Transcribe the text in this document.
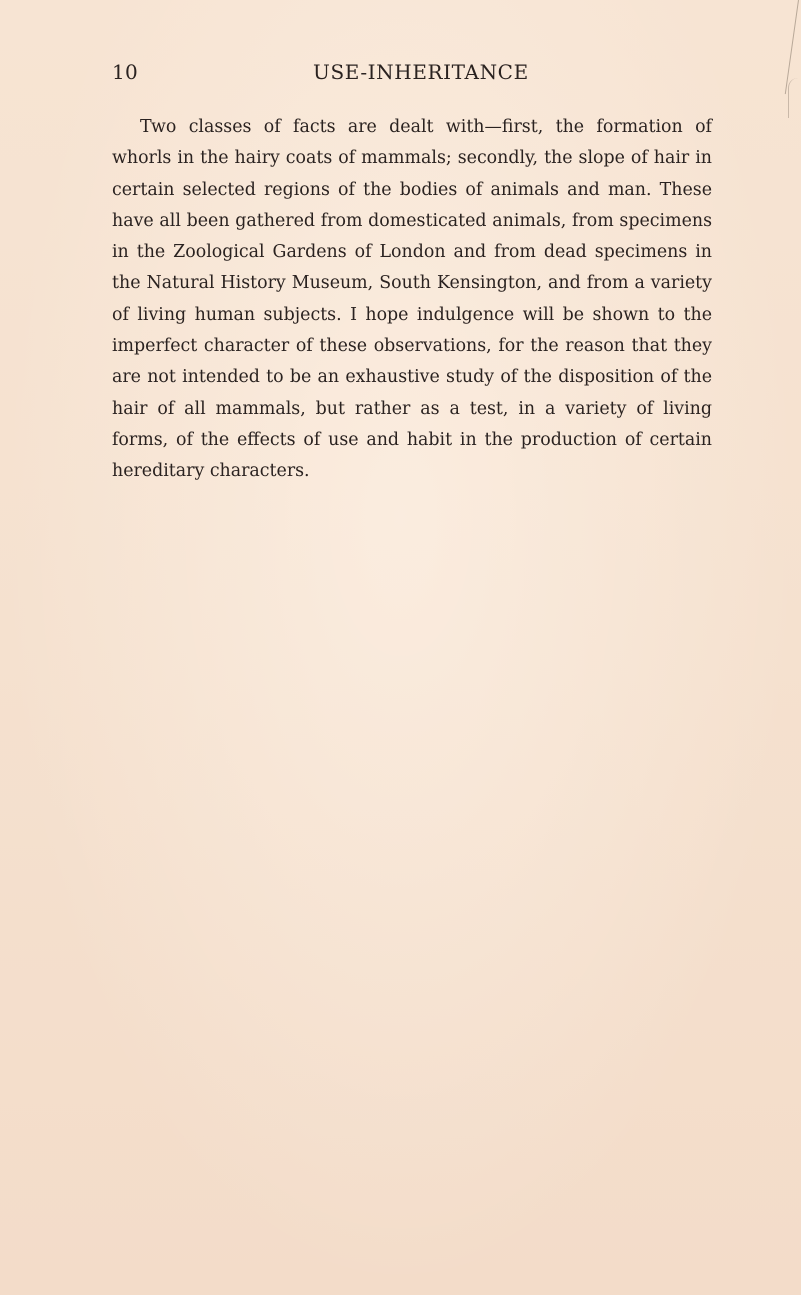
10	USE-INHERITANCE

Two classes of facts are dealt with—first, the formation of whorls in the hairy coats of mammals; secondly, the slope of hair in certain selected regions of the bodies of animals and man. These have all been gathered from domesticated animals, from specimens in the Zoological Gardens of London and from dead specimens in the Natural History Museum, South Kensington, and from a variety of living human subjects. I hope indulgence will be shown to the imperfect character of these observations, for the reason that they are not intended to be an exhaustive study of the disposition of the hair of all mammals, but rather as a test, in a variety of living forms, of the effects of use and habit in the production of certain hereditary characters.
